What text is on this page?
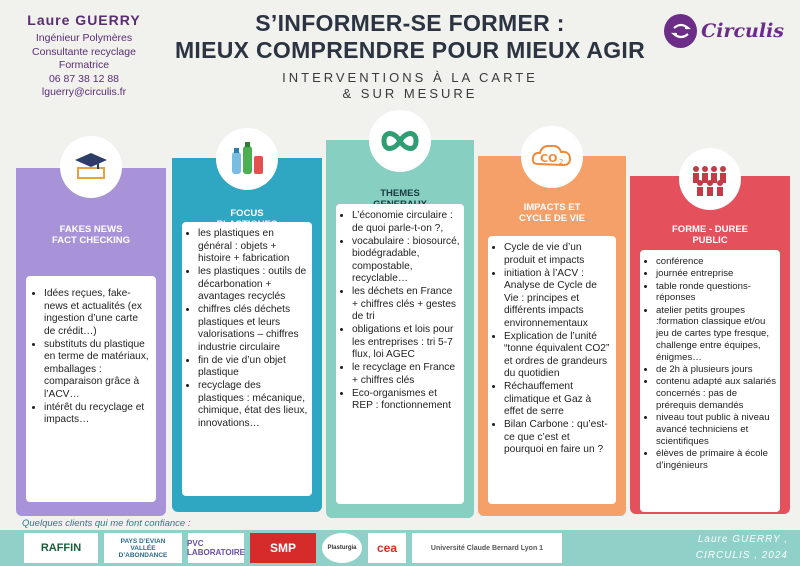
Laure GUERRY
Ingénieur Polymères
Consultante recyclage
Formatrice
06 87 38 12 88
lguerry@circulis.fr
S’INFORMER-SE FORMER :
MIEUX COMPRENDRE POUR MIEUX AGIR
INTERVENTIONS À LA CARTE
& SUR MESURE
Circulis
FAKES NEWS
FACT CHECKING
• Idées reçues, fake-news et actualités (ex ingestion d’une carte de crédit…)
• substituts du plastique en terme de matériaux, emballages : comparaison grâce à l’ACV…
• intérêt du recyclage et impacts…
FOCUS
• les plastiques en général : objets + histoire + fabrication
• les plastiques : outils de décarbonation + avantages recyclés
• chiffres clés déchets plastiques et leurs valorisations – chiffres industrie circulaire
• fin de vie d’un objet plastique
• recyclage des plastiques : mécanique, chimique, état des lieux, innovations…
THEMES
• L’économie circulaire : de quoi parle-t-on ?,
• vocabulaire : biosourcé, biodégradable, compostable, recyclable…
• les déchets en France + chiffres clés + gestes de tri
• obligations et lois pour les entreprises : tri 5-7 flux, loi AGEC
• le recyclage en France + chiffres clés
• Eco-organismes et REP : fonctionnement
CO 2
IMPACTS ET
CYCLE DE VIE
• Cycle de vie d’un produit et impacts
• initiation à l’ACV : Analyse de Cycle de Vie : principes et différents impacts environnementaux
• Explication de l’unité “tonne équivalent CO2” et ordres de grandeurs du quotidien
• Réchauffement climatique et Gaz à effet de serre
• Bilan Carbone : qu’est-ce que c’est et pourquoi en faire un ?
FORME - DUREE
PUBLIC
• conférence
• journée entreprise
• table ronde questions-réponses
• atelier petits groupes :formation classique et/ou jeu de cartes type fresque, challenge entre équipes, énigmes…
• de 2h à plusieurs jours
• contenu adapté aux salariés concernés : pas de prérequis demandés
• niveau tout public à niveau avancé techniciens et scientifiques
• élèves de primaire à école d’ingénieurs
Quelques clients qui me font confiance :
RAFFIN
PAYS D’EVIAN VALLÉE D’ABONDANCE
PVC LABORATOIRE	SMP	Plasturgia	cea	Université Claude Bernard Lyon 1
Laure GUERRY ,
CIRCULIS , 2024
